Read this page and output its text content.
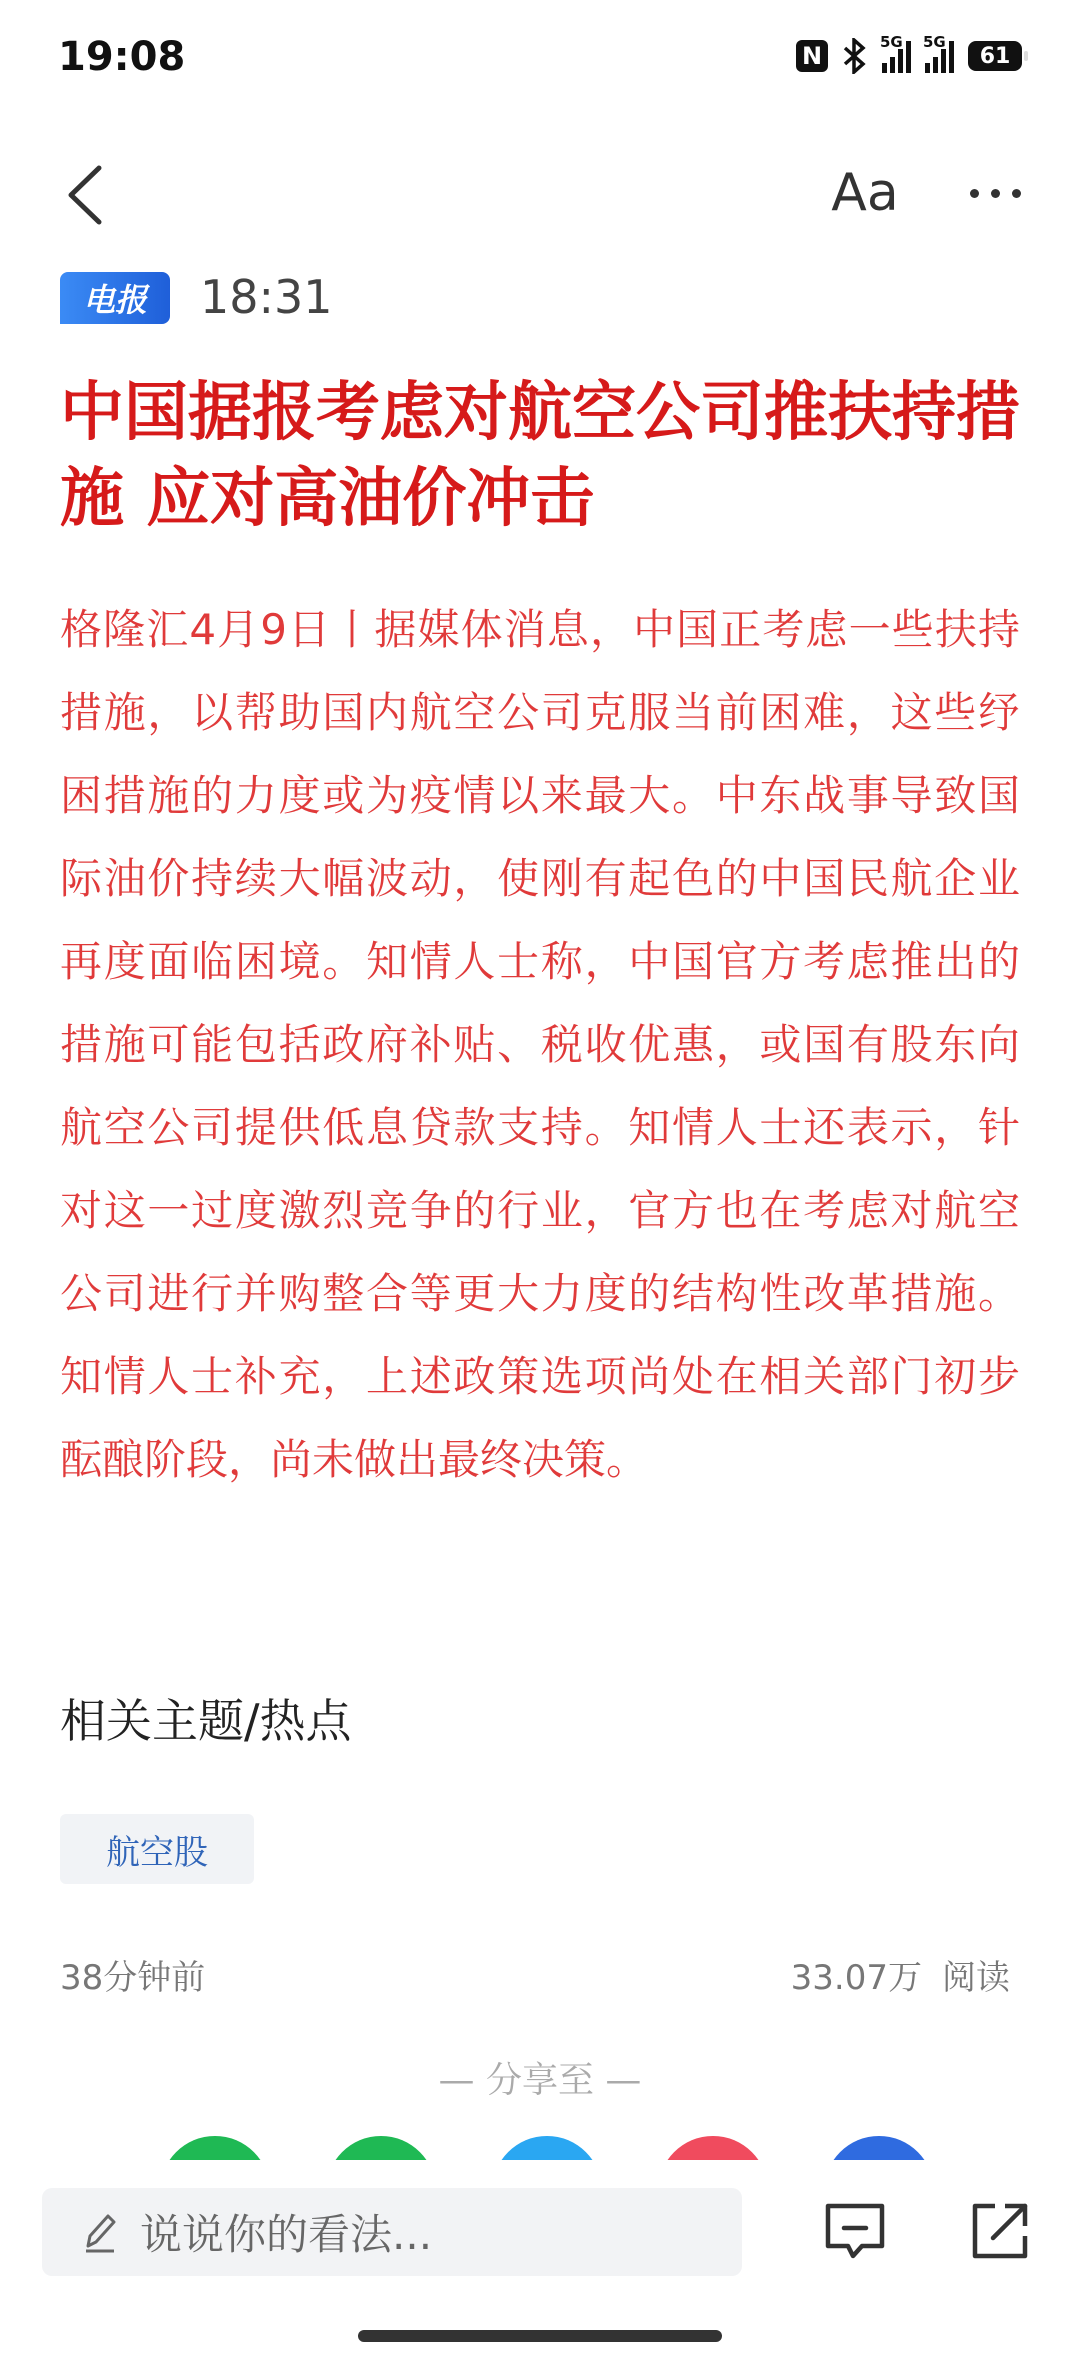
19:08	N	5G 5G
61
Aa
电报	18:31
中国据报考虑对航空公司推扶持措施 应对高油价冲击

格隆汇4月9日丨据媒体消息，中国正考虑一些扶持措施，以帮助国内航空公司克服当前困难，这些纾困措施的力度或为疫情以来最大。中东战事导致国际油价持续大幅波动，使刚有起色的中国民航企业再度面临困境。知情人士称，中国官方考虑推出的措施可能包括政府补贴、税收优惠，或国有股东向航空公司提供低息贷款支持。知情人士还表示，针对这一过度激烈竞争的行业，官方也在考虑对航空公司进行并购整合等更大力度的结构性改革措施。知情人士补充，上述政策选项尚处在相关部门初步酝酿阶段，尚未做出最终决策。

相关主题/热点
航空股
38分钟前	33.07万 阅读
— 分享至 —
说说你的看法...
